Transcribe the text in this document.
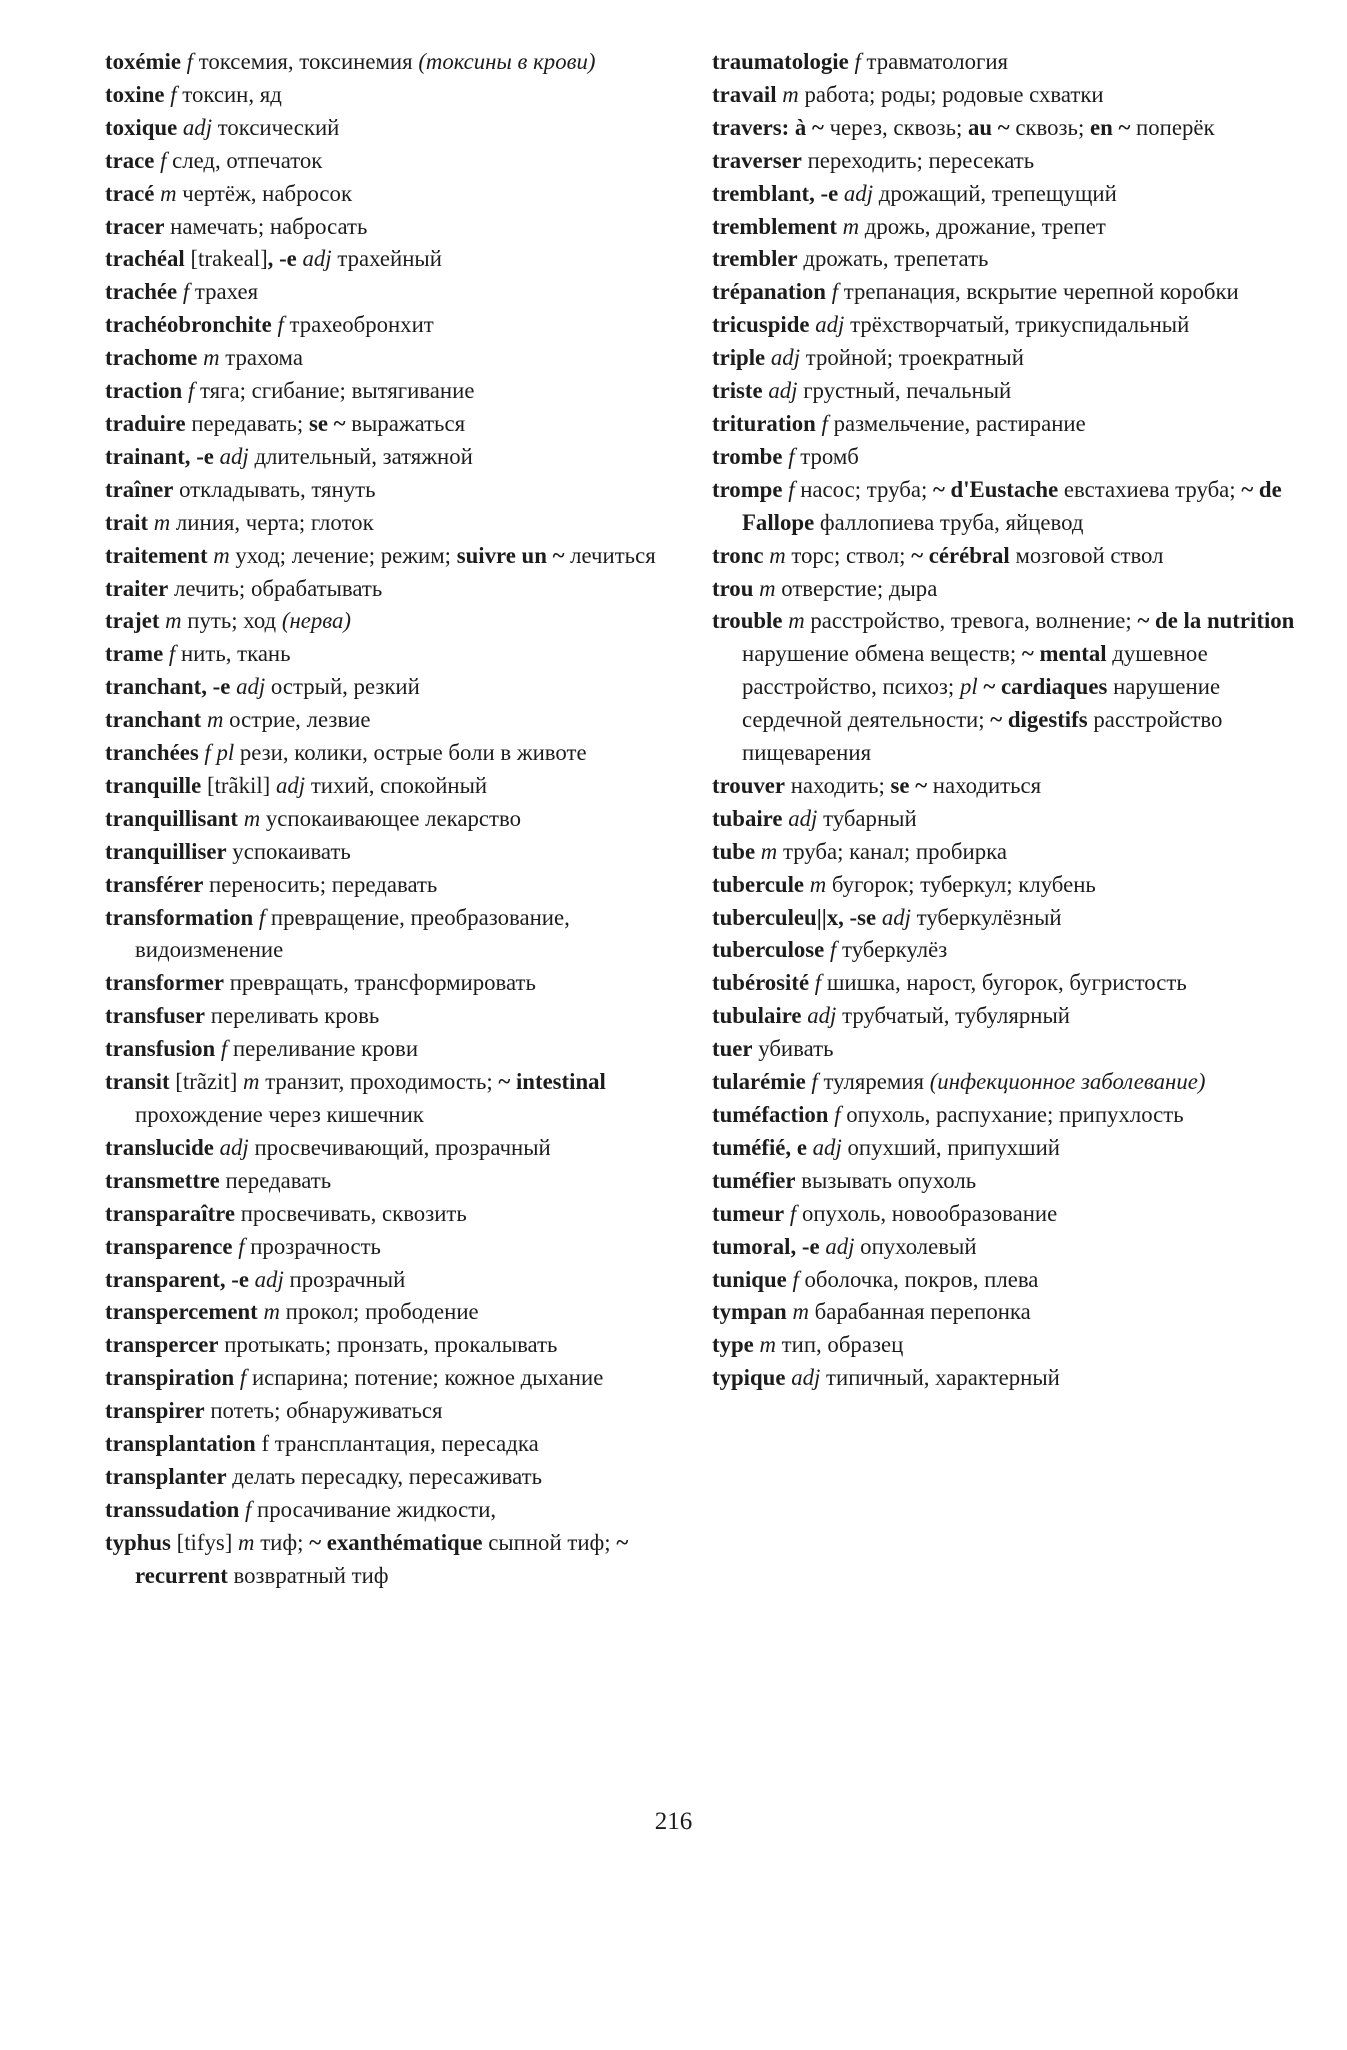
toxémie f токсемия, токсинемия (токсины в крови)

toxine f токсин, яд

toxique adj токсический

trace f след, отпечаток

tracé m чертёж, набросок

tracer намечать; набросать

trachéal [trakeal], -e adj трахейный

trachée f трахея

trachéobronchite f трахеобронхит

trachome m трахома

traction f тяга; сгибание; вытягивание

traduire передавать; se ~ выражаться

trainant, -e adj длительный, затяжной

traîner откладывать, тянуть

trait m линия, черта; глоток

traitement m уход; лечение; режим; suivre un ~ лечиться

traiter лечить; обрабатывать

trajet m путь; ход (нерва)

trame f нить, ткань

tranchant, -e adj острый, резкий

tranchant m острие, лезвие

tranchées f pl рези, колики, острые боли в животе

tranquille [trãkil] adj тихий, спокойный

tranquillisant m успокаивающее лекарство

tranquilliser успокаивать

transférer переносить; передавать

transformation f превращение, преобразование, видоизменение

transformer превращать, трансформировать

transfuser переливать кровь

transfusion f переливание крови

transit [trãzit] m транзит, проходимость; ~ intestinal прохождение через кишечник

translucide adj просвечивающий, прозрачный

transmettre передавать

transparaître просвечивать, сквозить

transparence f прозрачность

transparent, -e adj прозрачный

transpercement m прокол; прободение

transpercer протыкать; пронзать, прокалывать

transpiration f испарина; потение; кожное дыхание

transpirer потеть; обнаруживаться

transplantation f трансплантация, пересадка

transplanter делать пересадку, пересаживать

transsudation f просачивание жидкости,

typhus [tifys] m тиф; ~ exanthématique сыпной тиф; ~ recurrent возвратный тиф

traumatologie f травматология

travail m работа; роды; родовые схватки

travers: à ~ через, сквозь; au ~ сквозь; en ~ поперёк

traverser переходить; пересекать

tremblant, -e adj дрожащий, трепещущий

tremblement m дрожь, дрожание, трепет

trembler дрожать, трепетать

trépanation f трепанация, вскрытие черепной коробки

tricuspide adj трёхстворчатый, трикуспидальный

triple adj тройной; троекратный

triste adj грустный, печальный

trituration f размельчение, растирание

trombe f тромб

trompe f насос; труба; ~ d'Eustache евстахиева труба; ~ de Fallope фаллопиева труба, яйцевод

tronc m торс; ствол; ~ cérébral мозговой ствол

trou m отверстие; дыра

trouble m расстройство, тревога, волнение; ~ de la nutrition нарушение обмена веществ; ~ mental душевное расстройство, психоз; pl ~ cardiaques нарушение сердечной деятельности; ~ digestifs расстройство пищеварения

trouver находить; se ~ находиться

tubaire adj тубарный

tube m труба; канал; пробирка

tubercule m бугорок; туберкул; клубень

tuberculeu||x, -se adj туберкулёзный

tuberculose f туберкулёз

tubérosité f шишка, нарост, бугорок, бугристость

tubulaire adj трубчатый, тубулярный

tuer убивать

tularémie f туляремия (инфекционное заболевание)

tuméfaction f опухоль, распухание; припухлость

tuméfié, e adj опухший, припухший

tuméfier вызывать опухоль

tumeur f опухоль, новообразование

tumoral, -e adj опухолевый

tunique f оболочка, покров, плева

tympan m барабанная перепонка

type m тип, образец

typique adj типичный, характерный

216
